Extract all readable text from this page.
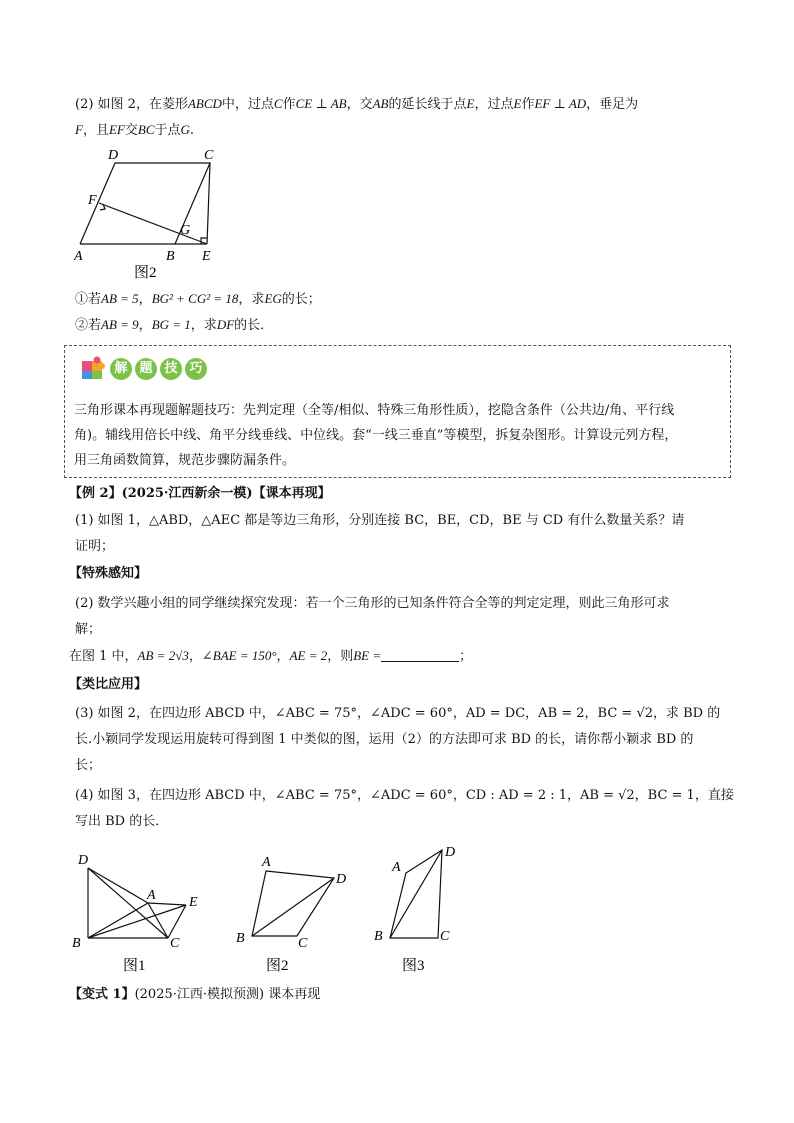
(2) 如图 2，在菱形ABCD中，过点C作CE ⊥ AB，交AB的延长线于点E，过点E作EF ⊥ AD，垂足为
F，且EF交BC于点G.
D	C
F
G
A	B E
图2
①若AB = 5，BG² + CG² = 18，求EG的长；
②若AB = 9，BG = 1，求DF的长．
解 题 技 巧
三角形课本再现题解题技巧：先判定理（全等/相似、特殊三角形性质），挖隐含条件（公共边/角、平行线
角)。辅线用倍长中线、角平分线垂线、中位线。套“一线三垂直”等模型，拆复杂图形。计算设元列方程，
用三角函数简算，规范步骤防漏条件。
【例 2】(2025·江西新余一模)【课本再现】
(1) 如图 1，△ABD，△AEC 都是等边三角形，分别连接 BC，BE，CD，BE 与 CD 有什么数量关系？请
证明；
【特殊感知】
(2) 数学兴趣小组的同学继续探究发现：若一个三角形的已知条件符合全等的判定定理，则此三角形可求
解；
在图 1 中，AB = 2√3，∠BAE = 150°，AE = 2，则BE =	；
【类比应用】
(3) 如图 2，在四边形 ABCD 中，∠ABC = 75°，∠ADC = 60°，AD = DC，AB = 2，BC = √2，求 BD 的
长.小颖同学发现运用旋转可得到图 1 中类似的图，运用（2）的方法即可求 BD 的长，请你帮小颖求 BD 的
长；
(4) 如图 3，在四边形 ABCD 中，∠ABC = 75°，∠ADC = 60°，CD : AD = 2 : 1，AB = √2，BC = 1，直接
写出 BD 的长．
D
A E
B	C
图1
A
D
B	C
图2
A
D
B	C
图3
【变式 1】(2025·江西·模拟预测) 课本再现
